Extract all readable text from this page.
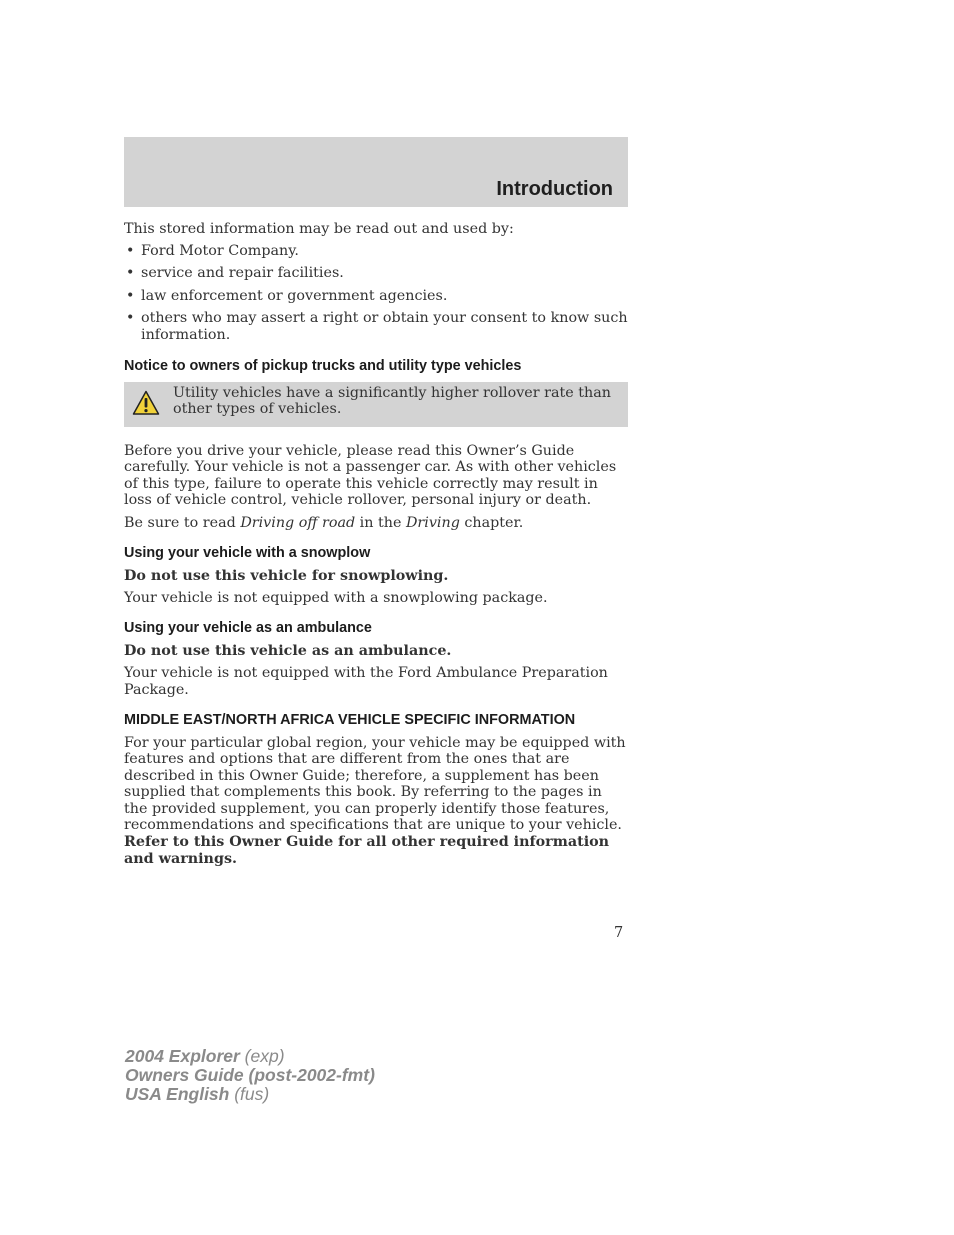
Introduction

This stored information may be read out and used by:

• Ford Motor Company.
• service and repair facilities.
• law enforcement or government agencies.
• others who may assert a right or obtain your consent to know such information.
Notice to owners of pickup trucks and utility type vehicles

Utility vehicles have a significantly higher rollover rate than other types of vehicles.

Before you drive your vehicle, please read this Owner’s Guide carefully. Your vehicle is not a passenger car. As with other vehicles of this type, failure to operate this vehicle correctly may result in loss of vehicle control, vehicle rollover, personal injury or death.

Be sure to read Driving off road in the Driving chapter.

Using your vehicle with a snowplow

Do not use this vehicle for snowplowing.

Your vehicle is not equipped with a snowplowing package.

Using your vehicle as an ambulance

Do not use this vehicle as an ambulance.

Your vehicle is not equipped with the Ford Ambulance Preparation Package.

MIDDLE EAST/NORTH AFRICA VEHICLE SPECIFIC INFORMATION

For your particular global region, your vehicle may be equipped with features and options that are different from the ones that are described in this Owner Guide; therefore, a supplement has been supplied that complements this book. By referring to the pages in the provided supplement, you can properly identify those features, recommendations and specifications that are unique to your vehicle. Refer to this Owner Guide for all other required information and warnings.

7
2004 Explorer (exp)
Owners Guide (post-2002-fmt)
USA English (fus)
